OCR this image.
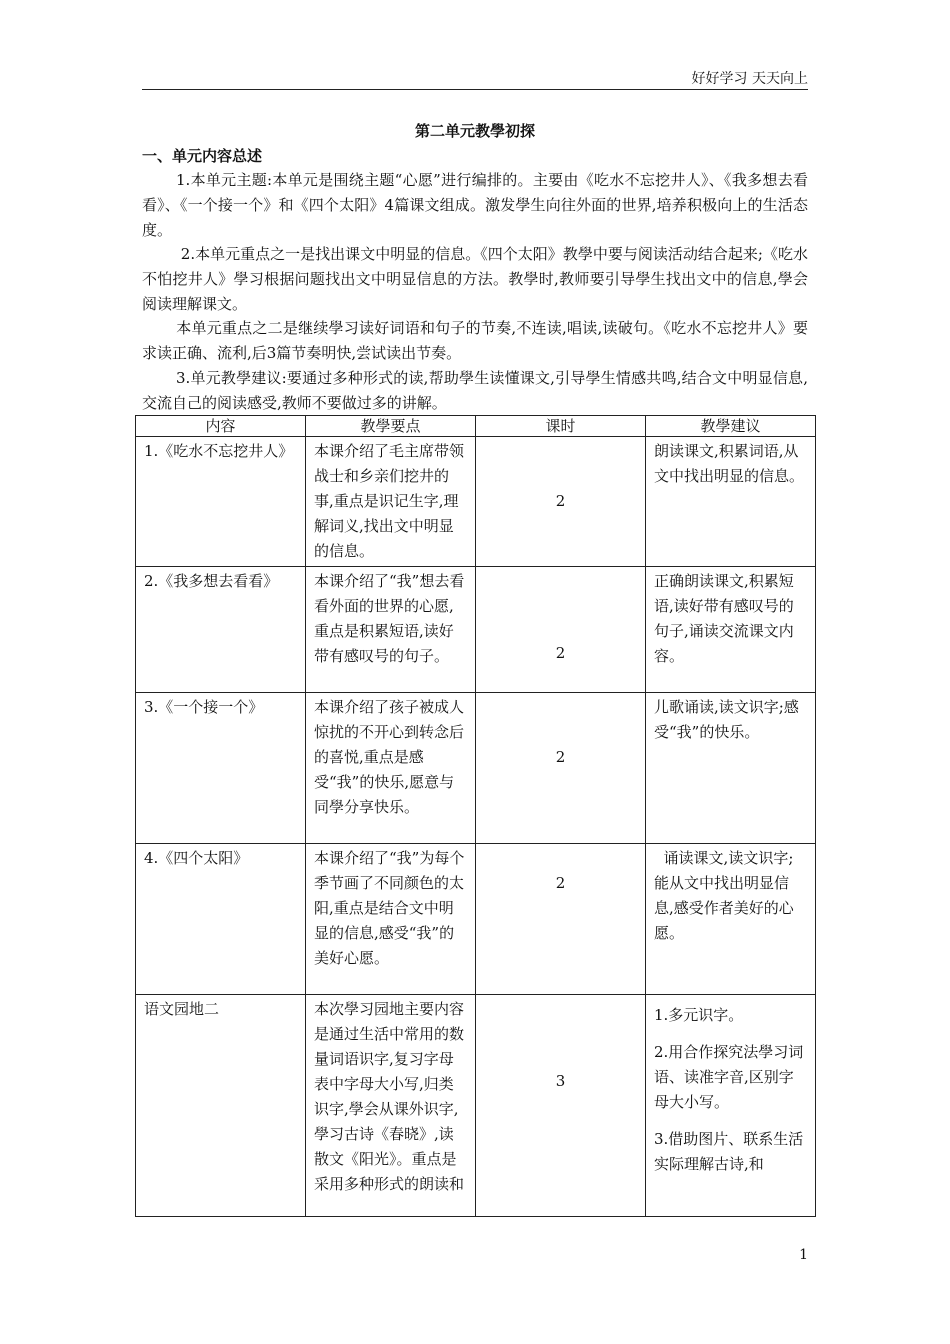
好好学习 天天向上
第二单元教學初探
一、单元内容总述
1.本单元主题:本单元是围绕主题“心愿”进行编排的。主要由《吃水不忘挖井人》、《我多想去看看》、《一个接一个》和《四个太阳》4篇课文组成。激发學生向往外面的世界,培养积极向上的生活态度。
2.本单元重点之一是找出课文中明显的信息。《四个太阳》教學中要与阅读活动结合起来;《吃水不怕挖井人》學习根据问题找出文中明显信息的方法。教學时,教师要引导學生找出文中的信息,學会阅读理解课文。
本单元重点之二是继续學习读好词语和句子的节奏,不连读,唱读,读破句。《吃水不忘挖井人》要求读正确、流利,后3篇节奏明快,尝试读出节奏。
3.单元教學建议:要通过多种形式的读,帮助學生读懂课文,引导學生情感共鸣,结合文中明显信息,交流自己的阅读感受,教师不要做过多的讲解。
内容	教學要点	课时	教學建议
1.《吃水不忘挖井人》	本课介绍了毛主席带领战士和乡亲们挖井的事,重点是识记生字,理解词义,找出文中明显的信息。	2	朗读课文,积累词语,从文中找出明显的信息。
2.《我多想去看看》	本课介绍了“我”想去看看外面的世界的心愿,重点是积累短语,读好带有感叹号的句子。	2	正确朗读课文,积累短语,读好带有感叹号的句子,诵读交流课文内容。
3.《一个接一个》	本课介绍了孩子被成人惊扰的不开心到转念后的喜悦,重点是感受“我”的快乐,愿意与同學分享快乐。	2	儿歌诵读,读文识字;感受“我”的快乐。
4.《四个太阳》	本课介绍了“我”为每个季节画了不同颜色的太阳,重点是结合文中明显的信息,感受“我”的美好心愿。	2	诵读课文,读文识字;能从文中找出明显信息,感受作者美好的心愿。
语文园地二	本次學习园地主要内容是通过生活中常用的数量词语识字,复习字母表中字母大小写,归类识字,學会从课外识字,學习古诗《春晓》,读散文《阳光》。重点是采用多种形式的朗读和	3	1.多元识字。

2.用合作探究法學习词语、读准字音,区别字母大小写。

3.借助图片、联系生活实际理解古诗,和

1
